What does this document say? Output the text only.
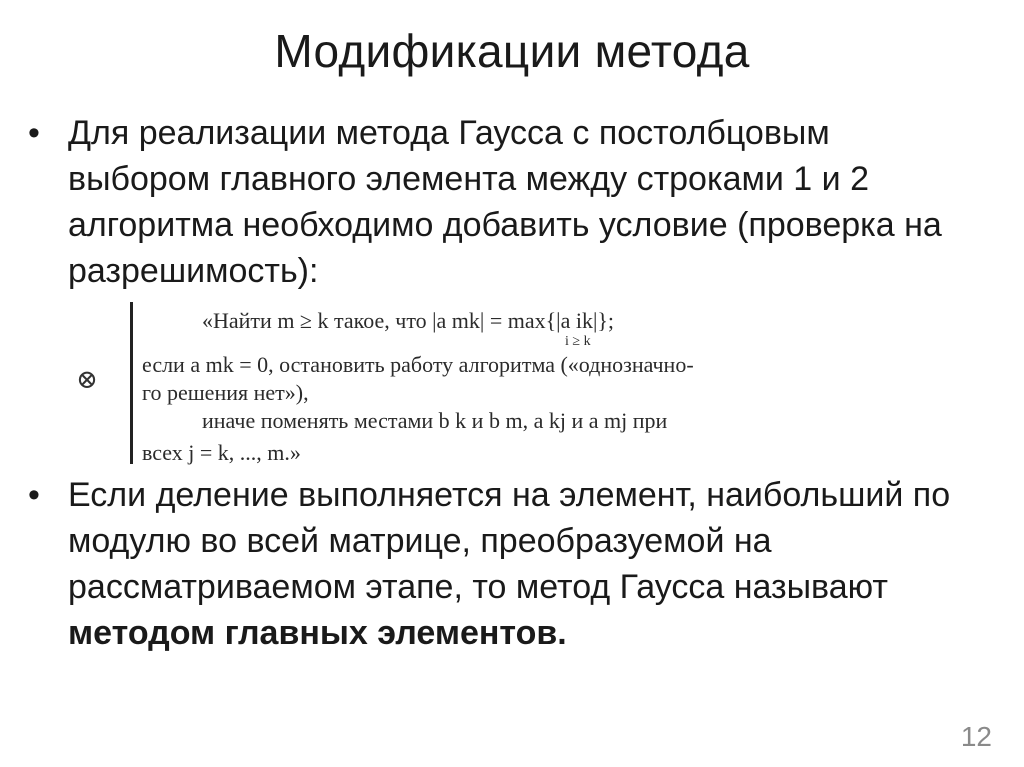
Модификации метода
• Для реализации метода Гаусса с постолбцовым выбором главного элемента между строками 1 и 2 алгоритма необходимо добавить условие (проверка на разрешимость):
⊗
«Найти m ≥ k такое, что |a mk| = max{|a ik|};
i ≥ k
если a mk = 0, остановить работу алгоритма («однозначно-
го решения нет»),
иначе поменять местами b k и b m, a kj и a mj при
всех j = k, ..., m.»
• Если деление выполняется на элемент, наибольший по модулю во всей матрице, преобразуемой на рассматриваемом этапе, то метод Гаусса называют методом главных элементов.
12
